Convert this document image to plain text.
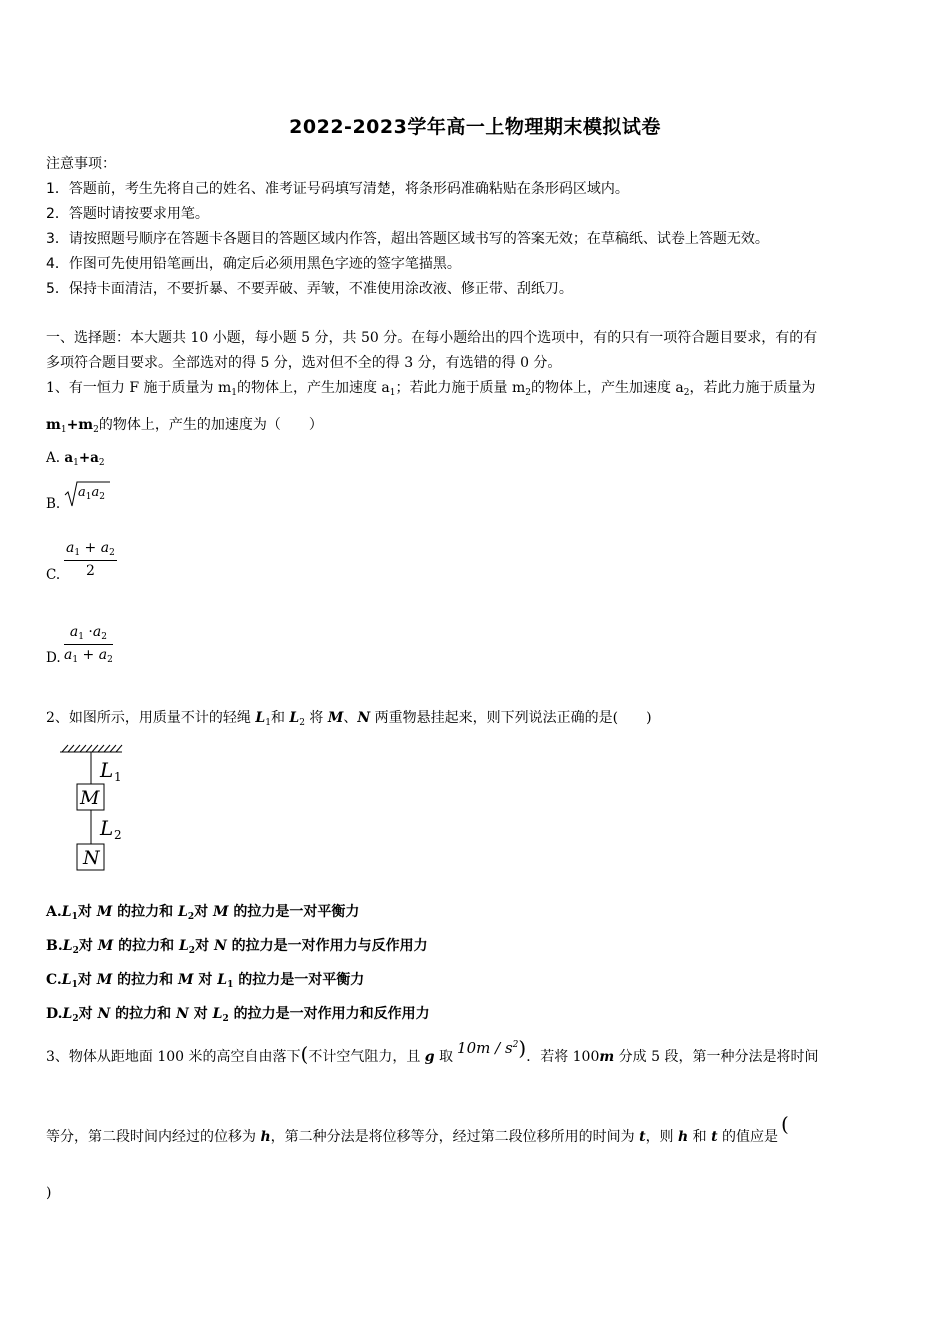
2022-2023学年高一上物理期末模拟试卷
注意事项：
1．答题前，考生先将自己的姓名、准考证号码填写清楚，将条形码准确粘贴在条形码区域内。
2．答题时请按要求用笔。
3．请按照题号顺序在答题卡各题目的答题区域内作答，超出答题区域书写的答案无效；在草稿纸、试卷上答题无效。
4．作图可先使用铅笔画出，确定后必须用黑色字迹的签字笔描黑。
5．保持卡面清洁，不要折暴、不要弄破、弄皱，不准使用涂改液、修正带、刮纸刀。
一、选择题：本大题共 10 小题，每小题 5 分，共 50 分。在每小题给出的四个选项中，有的只有一项符合题目要求，有的有
多项符合题目要求。全部选对的得 5 分，选对但不全的得 3 分，有选错的得 0 分。
1、有一恒力 F 施于质量为 $m_1$的物体上，产生加速度 $a_1$；若此力施于质量 $m_2$的物体上，产生加速度 $a_2$，若此力施于质量为
$m_1+m_2$的物体上，产生的加速度为（　　）
A. $a_1+a_2$
B.
$a_1a_2$
C. $\frac{a_1 + a_2}{2}$
D. $\frac{a_1 \cdot a_2}{a_1 + a_2}$
2、如图所示，用质量不计的轻绳 $L_1$和 $L_2$ 将 M、N 两重物悬挂起来，则下列说法正确的是(　　)
L 1
L 2
M
N
$A.L_1$对 M 的拉力和 $L_2$对 M 的拉力是一对平衡力
$B.L_2$对 M 的拉力和 $L_2$对 N 的拉力是一对作用力与反作用力
$C.L_1$对 M 的拉力和 M 对 $L_1$ 的拉力是一对平衡力
$D.L_2$对 N 的拉力和 N 对 $L_2$ 的拉力是一对作用力和反作用力
3、物体从距地面 100 米的高空自由落下(不计空气阻力，且 g 取 $10m / s^2$)．若将 100m 分成 5 段，第一种分法是将时间
等分，第二段时间内经过的位移为 h，第二种分法是将位移等分，经过第二段位移所用的时间为 t，则 h 和 t 的值应是(
)
